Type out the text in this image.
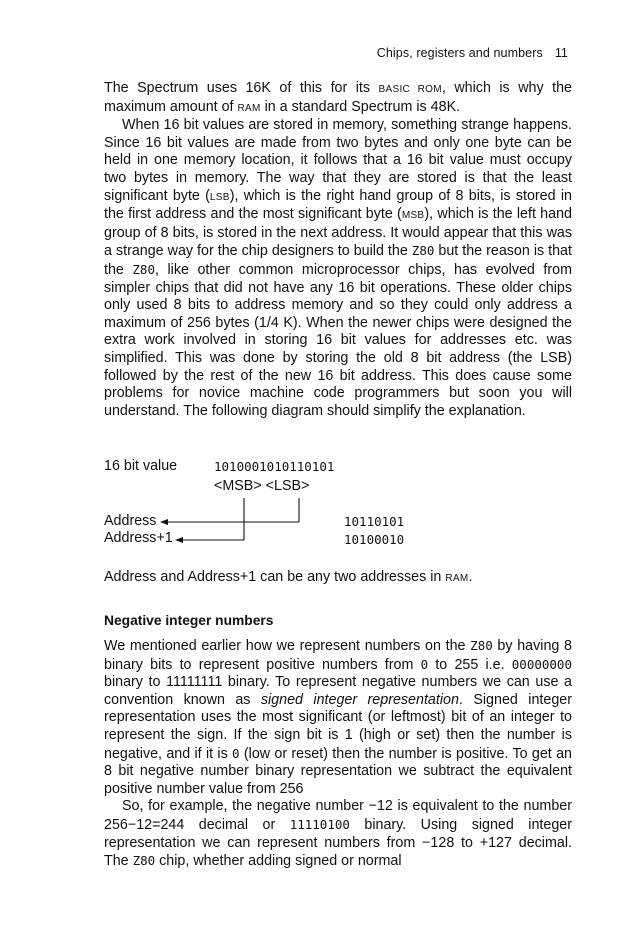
Chips, registers and numbers 11

The Spectrum uses 16K of this for its BASIC ROM, which is why the maximum amount of RAM in a standard Spectrum is 48K.

When 16 bit values are stored in memory, something strange happens. Since 16 bit values are made from two bytes and only one byte can be held in one memory location, it follows that a 16 bit value must occupy two bytes in memory. The way that they are stored is that the least significant byte (LSB), which is the right hand group of 8 bits, is stored in the first address and the most significant byte (MSB), which is the left hand group of 8 bits, is stored in the next address. It would appear that this was a strange way for the chip designers to build the Z80 but the reason is that the Z80, like other common microprocessor chips, has evolved from simpler chips that did not have any 16 bit operations. These older chips only used 8 bits to address memory and so they could only address a maximum of 256 bytes (1/4 K). When the newer chips were designed the extra work involved in storing 16 bit values for addresses etc. was simplified. This was done by storing the old 8 bit address (the LSB) followed by the rest of the new 16 bit address. This does cause some problems for novice machine code programmers but soon you will understand. The following diagram should simplify the explanation.

16 bit value	1010001010110101
<MSB> <LSB>
Address
Address+1
10110101
10100010

Address and Address+1 can be any two addresses in RAM.

Negative integer numbers

We mentioned earlier how we represent numbers on the Z80 by having 8 binary bits to represent positive numbers from 0 to 255 i.e. 00000000 binary to 11111111 binary. To represent negative numbers we can use a convention known as signed integer representation. Signed integer representation uses the most significant (or leftmost) bit of an integer to represent the sign. If the sign bit is 1 (high or set) then the number is negative, and if it is 0 (low or reset) then the number is positive. To get an 8 bit negative number binary representation we subtract the equivalent positive number value from 256

So, for example, the negative number −12 is equivalent to the number 256−12=244 decimal or 11110100 binary. Using signed integer representation we can represent numbers from −128 to +127 decimal. The Z80 chip, whether adding signed or normal
